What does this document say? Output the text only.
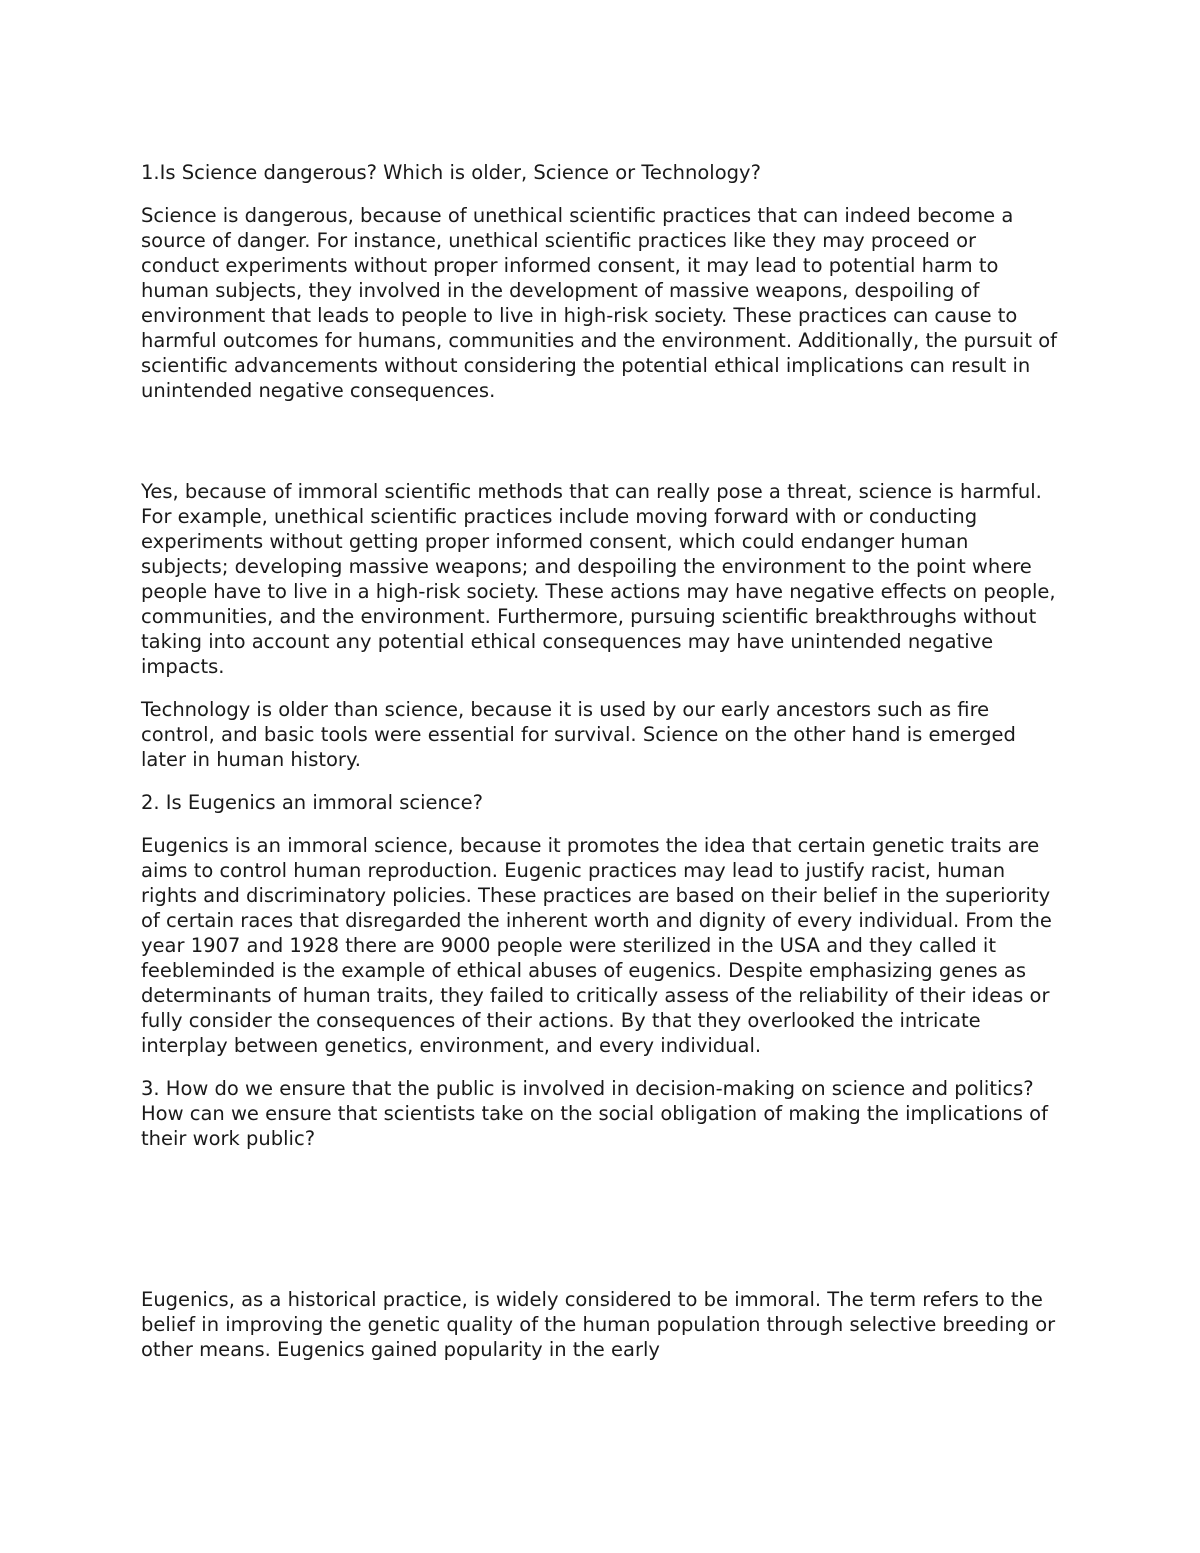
1.Is Science dangerous? Which is older, Science or Technology?

Science is dangerous, because of unethical scientific practices that can indeed become a source of danger. For instance, unethical scientific practices like they may proceed or conduct experiments without proper informed consent, it may lead to potential harm to human subjects, they involved in the development of massive weapons, despoiling of environment that leads to people to live in high-risk society. These practices can cause to harmful outcomes for humans, communities and the environment. Additionally, the pursuit of scientific advancements without considering the potential ethical implications can result in unintended negative consequences.

Yes, because of immoral scientific methods that can really pose a threat, science is harmful. For example, unethical scientific practices include moving forward with or conducting experiments without getting proper informed consent, which could endanger human subjects; developing massive weapons; and despoiling the environment to the point where people have to live in a high-risk society. These actions may have negative effects on people, communities, and the environment. Furthermore, pursuing scientific breakthroughs without taking into account any potential ethical consequences may have unintended negative impacts.

Technology is older than science, because it is used by our early ancestors such as fire control, and basic tools were essential for survival. Science on the other hand is emerged later in human history.

2. Is Eugenics an immoral science?

Eugenics is an immoral science, because it promotes the idea that certain genetic traits are aims to control human reproduction. Eugenic practices may lead to justify racist, human rights and discriminatory policies. These practices are based on their belief in the superiority of certain races that disregarded the inherent worth and dignity of every individual. From the year 1907 and 1928 there are 9000 people were sterilized in the USA and they called it feebleminded is the example of ethical abuses of eugenics. Despite emphasizing genes as determinants of human traits, they failed to critically assess of the reliability of their ideas or fully consider the consequences of their actions. By that they overlooked the intricate interplay between genetics, environment, and every individual.

3. How do we ensure that the public is involved in decision-making on science and politics? How can we ensure that scientists take on the social obligation of making the implications of their work public?

Eugenics, as a historical practice, is widely considered to be immoral. The term refers to the belief in improving the genetic quality of the human population through selective breeding or other means. Eugenics gained popularity in the early
